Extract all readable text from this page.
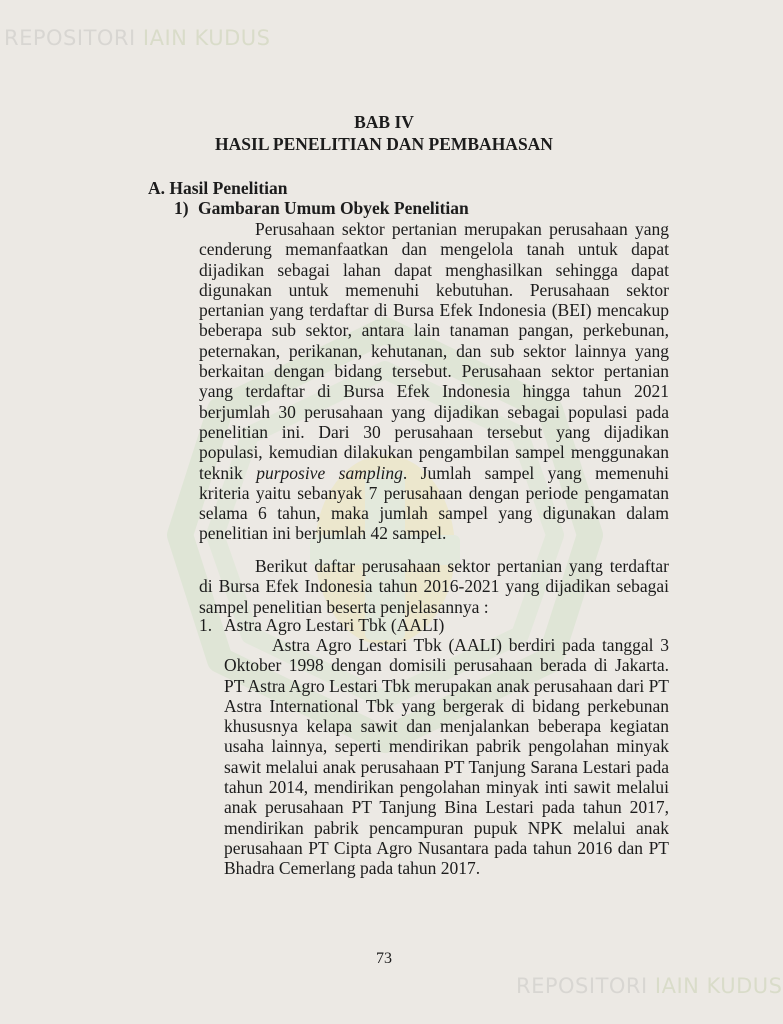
REPOSITORI IAIN KUDUS
BAB IV
HASIL PENELITIAN DAN PEMBAHASAN
A. Hasil Penelitian
1) Gambaran Umum Obyek Penelitian
Perusahaan sektor pertanian merupakan perusahaan yang cenderung memanfaatkan dan mengelola tanah untuk dapat dijadikan sebagai lahan dapat menghasilkan sehingga dapat digunakan untuk memenuhi kebutuhan. Perusahaan sektor pertanian yang terdaftar di Bursa Efek Indonesia (BEI) mencakup beberapa sub sektor, antara lain tanaman pangan, perkebunan, peternakan, perikanan, kehutanan, dan sub sektor lainnya yang berkaitan dengan bidang tersebut. Perusahaan sektor pertanian yang terdaftar di Bursa Efek Indonesia hingga tahun 2021 berjumlah 30 perusahaan yang dijadikan sebagai populasi pada penelitian ini. Dari 30 perusahaan tersebut yang dijadikan populasi, kemudian dilakukan pengambilan sampel menggunakan teknik purposive sampling. Jumlah sampel yang memenuhi kriteria yaitu sebanyak 7 perusahaan dengan periode pengamatan selama 6 tahun, maka jumlah sampel yang digunakan dalam penelitian ini berjumlah 42 sampel.
Berikut daftar perusahaan sektor pertanian yang terdaftar di Bursa Efek Indonesia tahun 2016-2021 yang dijadikan sebagai sampel penelitian beserta penjelasannya :
1. Astra Agro Lestari Tbk (AALI)
Astra Agro Lestari Tbk (AALI) berdiri pada tanggal 3 Oktober 1998 dengan domisili perusahaan berada di Jakarta. PT Astra Agro Lestari Tbk merupakan anak perusahaan dari PT Astra International Tbk yang bergerak di bidang perkebunan khususnya kelapa sawit dan menjalankan beberapa kegiatan usaha lainnya, seperti mendirikan pabrik pengolahan minyak sawit melalui anak perusahaan PT Tanjung Sarana Lestari pada tahun 2014, mendirikan pengolahan minyak inti sawit melalui anak perusahaan PT Tanjung Bina Lestari pada tahun 2017, mendirikan pabrik pencampuran pupuk NPK melalui anak perusahaan PT Cipta Agro Nusantara pada tahun 2016 dan PT Bhadra Cemerlang pada tahun 2017.
73
REPOSITORI IAIN KUDUS
